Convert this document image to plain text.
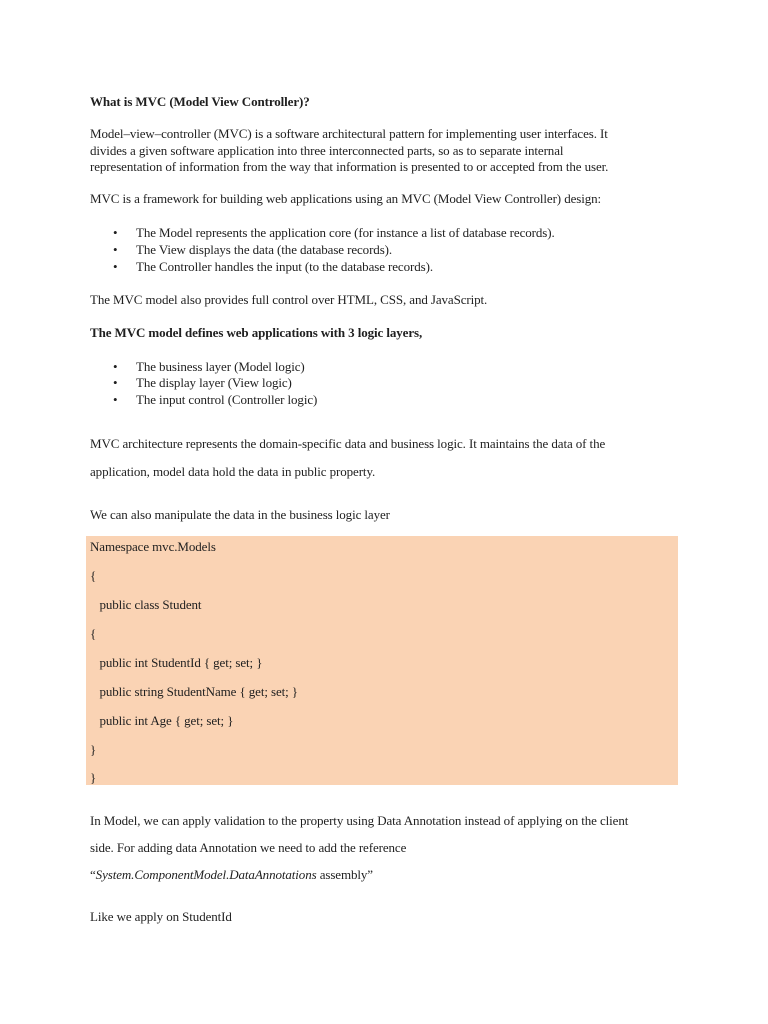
What is MVC (Model View Controller)?
Model–view–controller (MVC) is a software architectural pattern for implementing user interfaces. It
divides a given software application into three interconnected parts, so as to separate internal
representation of information from the way that information is presented to or accepted from the user.
MVC is a framework for building web applications using an MVC (Model View Controller) design:
• The Model represents the application core (for instance a list of database records).
• The View displays the data (the database records).
• The Controller handles the input (to the database records).
The MVC model also provides full control over HTML, CSS, and JavaScript.
The MVC model defines web applications with 3 logic layers,
• The business layer (Model logic)
• The display layer (View logic)
• The input control (Controller logic)
MVC architecture represents the domain-specific data and business logic. It maintains the data of the
application, model data hold the data in public property.
We can also manipulate the data in the business logic layer
Namespace mvc.Models
{
public class Student
{
public int StudentId { get; set; }
public string StudentName { get; set; }
public int Age { get; set; }
}
}
In Model, we can apply validation to the property using Data Annotation instead of applying on the client
side. For adding data Annotation we need to add the reference
“System.ComponentModel.DataAnnotations assembly”
Like we apply on StudentId
